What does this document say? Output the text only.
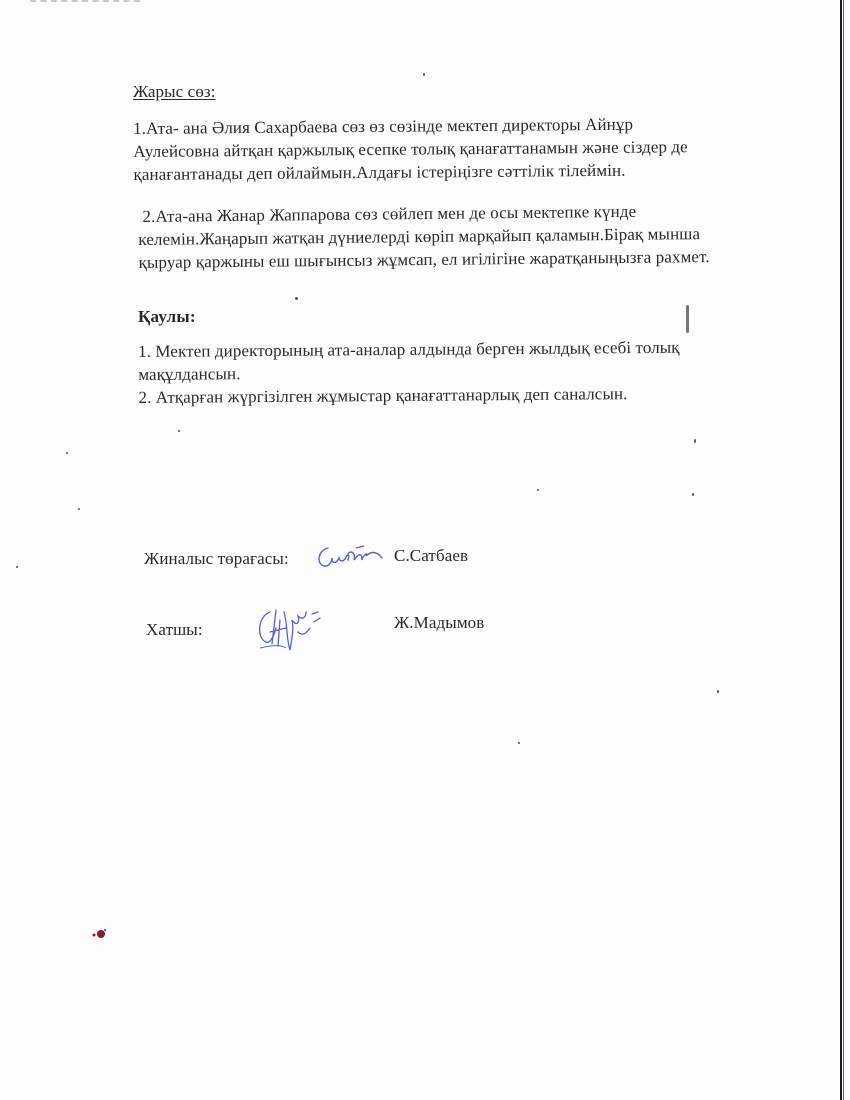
Жарыс сөз:

1.Ата- ана Әлия Сахарбаева сөз өз сөзінде мектеп директоры Айнұр
Аулейсовна айтқан қаржылық есепке толық қанағаттанамын және сіздер де
қанағантанады деп ойлаймын.Алдағы істеріңізге сәттілік тілеймін.

2.Ата-ана Жанар Жаппарова сөз сөйлеп мен де осы мектепке күнде
келемін.Жаңарып жатқан дүниелерді көріп марқайып қаламын.Бірақ мынша
қыруар қаржыны еш шығынсыз жұмсап, ел игілігіне жаратқаныңызға рахмет.

Қаулы:

1. Мектеп директорының ата-аналар алдында берген жылдық есебі толық
мақұлдансын.
2. Атқарған жүргізілген жұмыстар қанағаттанарлық деп саналсын.

Жиналыс төрағасы:	С.Сатбаев
Хатшы:	Ж.Мадымов
